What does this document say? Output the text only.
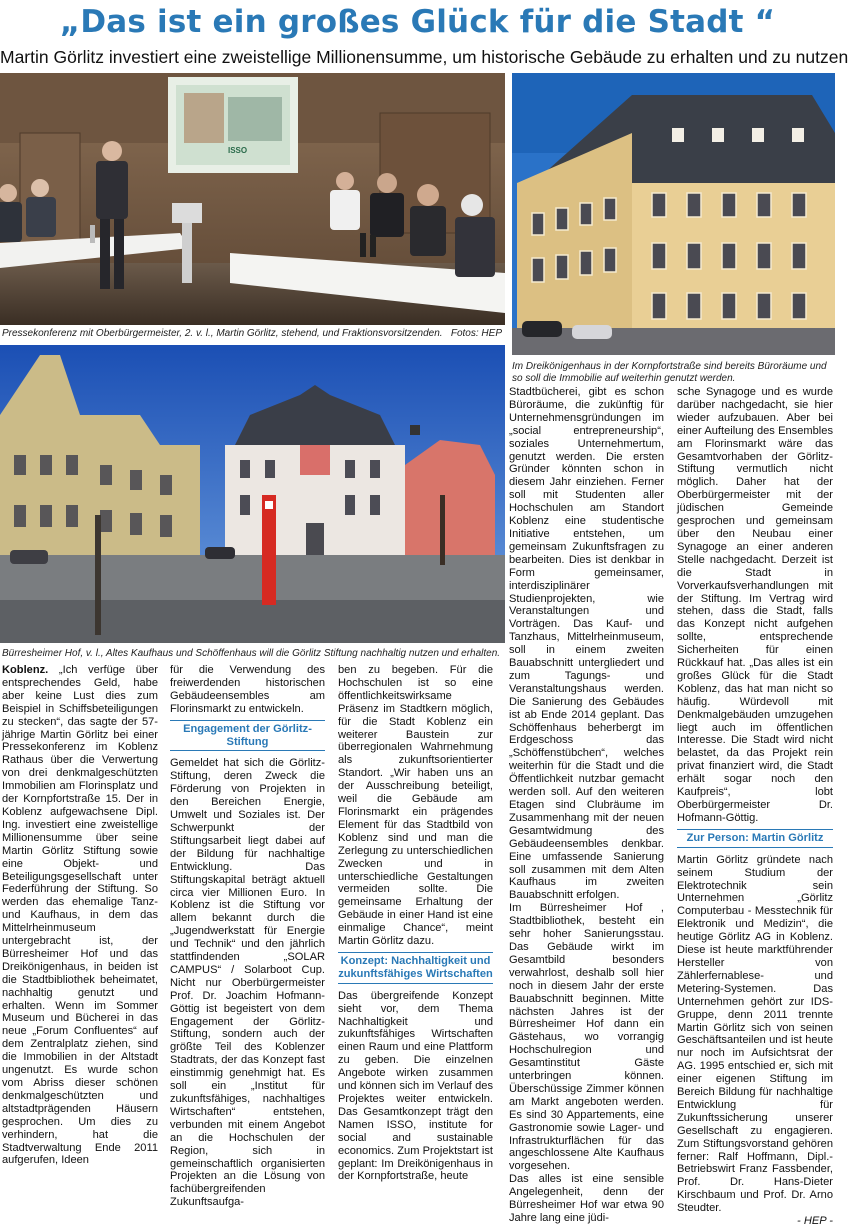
„Das ist ein großes Glück für die Stadt “
Martin Görlitz investiert eine zweistellige Millionensumme, um historische Gebäude zu erhalten und zu nutzen
ISSO
Pressekonferenz mit Oberbürgermeister, 2. v. l., Martin Görlitz, stehend, und Fraktionsvorsitzenden. Fotos: HEP
Im Dreikönigenhaus in der Kornpfortstraße sind bereits Büroräume und so soll die Immobilie auf weiterhin genutzt werden.
Bürresheimer Hof, v. l., Altes Kaufhaus und Schöffenhaus will die Görlitz Stiftung nachhaltig nutzen und erhalten.

Stadtbücherei, gibt es schon Büroräume, die zukünftig für Unternehmensgründungen im „social entrepreneurship“, soziales Unternehmertum, genutzt werden. Die ersten Gründer könnten schon in diesem Jahr einziehen. Ferner soll mit Studenten aller Hochschulen am Standort Koblenz eine studentische Initiative entstehen, um gemeinsam Zukunftsfragen zu bearbeiten. Dies ist denkbar in Form gemeinsamer, interdisziplinärer Studienprojekten, wie Veranstaltungen und Vorträgen. Das Kauf- und Tanzhaus, Mittelrheinmuseum, soll in einem zweiten Bauabschnitt untergliedert und zum Tagungs- und Veranstaltungshaus werden. Die Sanierung des Gebäudes ist ab Ende 2014 geplant. Das Schöffenhaus beherbergt im Erdgeschoss das „Schöffenstübchen“, welches weiterhin für die Stadt und die Öffentlichkeit nutzbar gemacht werden soll. Auf den weiteren Etagen sind Clubräume im Zusammenhang mit der neuen Gesamtwidmung des Gebäudeensembles denkbar. Eine umfassende Sanierung soll zusammen mit dem Alten Kaufhaus im zweiten Bauabschnitt erfolgen.

Im Bürresheimer Hof , Stadtbibliothek, besteht ein sehr hoher Sanierungsstau. Das Gebäude wirkt im Gesamtbild besonders verwahrlost, deshalb soll hier noch in diesem Jahr der erste Bauabschnitt beginnen. Mitte nächsten Jahres ist der Bürresheimer Hof dann ein Gästehaus, wo vorrangig Hochschulregion und Gesamtinstitut Gäste unterbringen können. Überschüssige Zimmer können am Markt angeboten werden. Es sind 30 Appartements, eine Gastronomie sowie Lager- und Infrastrukturflächen für das angeschlossene Alte Kaufhaus vorgesehen.

Das alles ist eine sensible Angelegenheit, denn der Bürresheimer Hof war etwa 90 Jahre lang eine jüdi-

sche Synagoge und es wurde darüber nachgedacht, sie hier wieder aufzubauen. Aber bei einer Aufteilung des Ensembles am Florinsmarkt wäre das Gesamtvorhaben der Görlitz-Stiftung vermutlich nicht möglich. Daher hat der Oberbürgermeister mit der jüdischen Gemeinde gesprochen und gemeinsam über den Neubau einer Synagoge an einer anderen Stelle nachgedacht. Derzeit ist die Stadt in Vorverkaufsverhandlungen mit der Stiftung. Im Vertrag wird stehen, dass die Stadt, falls das Konzept nicht aufgehen sollte, entsprechende Sicherheiten für einen Rückkauf hat. „Das alles ist ein großes Glück für die Stadt Koblenz, das hat man nicht so häufig. Würdevoll mit Denkmalgebäuden umzugehen liegt auch im öffentlichen Interesse. Die Stadt wird nicht belastet, da das Projekt rein privat finanziert wird, die Stadt erhält sogar noch den Kaufpreis“, lobt Oberbürgermeister Dr. Hofmann-Göttig.

Zur Person: Martin Görlitz

Martin Görlitz gründete nach seinem Studium der Elektrotechnik sein Unternehmen „Görlitz Computerbau - Messtechnik für Elektronik und Medizin“, die heutige Görlitz AG in Koblenz. Diese ist heute marktführender Hersteller von Zählerfernablese- und Metering-Systemen. Das Unternehmen gehört zur IDS-Gruppe, denn 2011 trennte Martin Görlitz sich von seinen Geschäftsanteilen und ist heute nur noch im Aufsichtsrat der AG. 1995 entschied er, sich mit einer eigenen Stiftung im Bereich Bildung für nachhaltige Entwicklung für Zukunftssicherung unserer Gesellschaft zu engagieren. Zum Stiftungsvorstand gehören ferner: Ralf Hoffmann, Dipl.-Betriebswirt Franz Fassbender, Prof. Dr. Hans-Dieter Kirschbaum und Prof. Dr. Arno Steudter.

- HEP -

Koblenz. „Ich verfüge über entsprechendes Geld, habe aber keine Lust dies zum Beispiel in Schiffsbeteiligungen zu stecken“, das sagte der 57-jährige Martin Görlitz bei einer Pressekonferenz im Koblenz Rathaus über die Verwertung von drei denkmalgeschützten Immobilien am Florinsplatz und der Kornpfortstraße 15. Der in Koblenz aufgewachsene Dipl. Ing. investiert eine zweistellige Millionensumme über seine Martin Görlitz Stiftung sowie eine Objekt- und Beteiligungsgesellschaft unter Federführung der Stiftung. So werden das ehemalige Tanz- und Kaufhaus, in dem das Mittelrheinmuseum untergebracht ist, der Bürresheimer Hof und das Dreikönigenhaus, in beiden ist die Stadtbibliothek beheimatet, nachhaltig genutzt und erhalten. Wenn im Sommer Museum und Bücherei in das neue „Forum Confluentes“ auf dem Zentralplatz ziehen, sind die Immobilien in der Altstadt ungenutzt. Es wurde schon vom Abriss dieser schönen denkmalgeschützten und altstadtprägenden Häusern gesprochen. Um dies zu verhindern, hat die Stadtverwaltung Ende 2011 aufgerufen, Ideen

für die Verwendung des freiwerdenden historischen Gebäudeensembles am Florinsmarkt zu entwickeln.

Engagement der Görlitz-Stiftung

Gemeldet hat sich die Görlitz-Stiftung, deren Zweck die Förderung von Projekten in den Bereichen Energie, Umwelt und Soziales ist. Der Schwerpunkt der Stiftungsarbeit liegt dabei auf der Bildung für nachhaltige Entwicklung. Das Stiftungskapital beträgt aktuell circa vier Millionen Euro. In Koblenz ist die Stiftung vor allem bekannt durch die „Jugendwerkstatt für Energie und Technik“ und den jährlich stattfindenden „SOLAR CAMPUS“ / Solarboot Cup. Nicht nur Oberbürgermeister Prof. Dr. Joachim Hofmann-Göttig ist begeistert von dem Engagement der Görlitz-Stiftung, sondern auch der größte Teil des Koblenzer Stadtrats, der das Konzept fast einstimmig genehmigt hat. Es soll ein „Institut für zukunftsfähiges, nachhaltiges Wirtschaften“ entstehen, verbunden mit einem Angebot an die Hochschulen der Region, sich in gemeinschaftlich organisierten Projekten an die Lösung von fachübergreifenden Zukunftsaufga-

ben zu begeben. Für die Hochschulen ist so eine öffentlichkeitswirksame Präsenz im Stadtkern möglich, für die Stadt Koblenz ein weiterer Baustein zur überregionalen Wahrnehmung als zukunftsorientierter Standort. „Wir haben uns an der Ausschreibung beteiligt, weil die Gebäude am Florinsmarkt ein prägendes Element für das Stadtbild von Koblenz sind und man die Zerlegung zu unterschiedlichen Zwecken und in unterschiedliche Gestaltungen vermeiden sollte. Die gemeinsame Erhaltung der Gebäude in einer Hand ist eine einmalige Chance“, meint Martin Görlitz dazu.

Konzept: Nachhaltigkeit und zukunftsfähiges Wirtschaften

Das übergreifende Konzept sieht vor, dem Thema Nachhaltigkeit und zukunftsfähiges Wirtschaften einen Raum und eine Plattform zu geben. Die einzelnen Angebote wirken zusammen und können sich im Verlauf des Projektes weiter entwickeln. Das Gesamtkonzept trägt den Namen ISSO, institute for social and sustainable economics. Zum Projektstart ist geplant: Im Dreikönigenhaus in der Kornpfortstraße, heute
